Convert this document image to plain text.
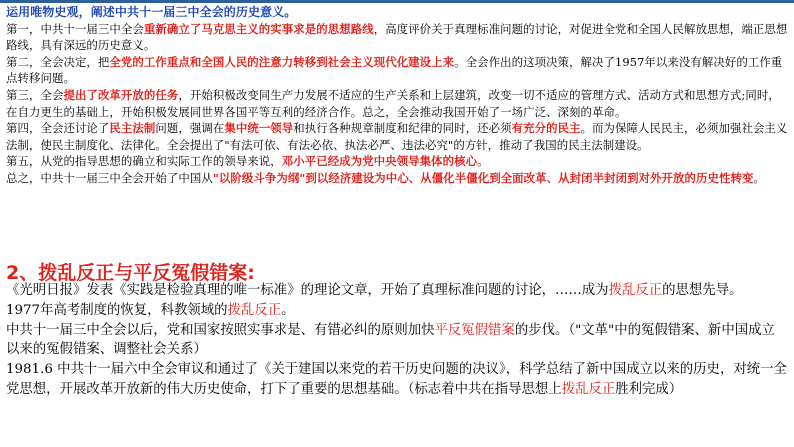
运用唯物史观，阐述中共十一届三中全会的历史意义。

第一，中共十一届三中全会重新确立了马克思主义的实事求是的思想路线，高度评价关于真理标准问题的讨论，对促进全党和全国人民解放思想，端正思想路线，具有深远的历史意义。

第二，全会决定，把全党的工作重点和全国人民的注意力转移到社会主义现代化建设上来。全会作出的这项决策，解决了1957年以来没有解决好的工作重点转移问题。

第三，全会提出了改革开放的任务，开始积极改变同生产力发展不适应的生产关系和上层建筑，改变一切不适应的管理方式、活动方式和思想方式;同时，在自力更生的基础上，开始积极发展同世界各国平等互利的经济合作。总之，全会推动我国开始了一场广泛、深刻的革命。

第四，全会还讨论了民主法制问题，强调在集中统一领导和执行各种规章制度和纪律的同时，还必须有充分的民主。而为保障人民民主，必须加强社会主义法制，使民主制度化、法律化。全会提出了"有法可依、有法必依、执法必严、违法必究"的方针，推动了我国的民主法制建设。

第五，从党的指导思想的确立和实际工作的领导来说，邓小平已经成为党中央领导集体的核心。

总之，中共十一届三中全会开始了中国从"以阶级斗争为纲"到以经济建设为中心、从僵化半僵化到全面改革、从封闭半封闭到对外开放的历史性转变。

2、拨乱反正与平反冤假错案:

《光明日报》发表《实践是检验真理的唯一标准》的理论文章，开始了真理标准问题的讨论，……成为拨乱反正的思想先导。

1977年高考制度的恢复，科教领域的拨乱反正。

中共十一届三中全会以后，党和国家按照实事求是、有错必纠的原则加快平反冤假错案的步伐。（"文革"中的冤假错案、新中国成立以来的冤假错案、调整社会关系）

1981.6 中共十一届六中全会审议和通过了《关于建国以来党的若干历史问题的决议》，科学总结了新中国成立以来的历史，对统一全党思想，开展改革开放新的伟大历史使命，打下了重要的思想基础。（标志着中共在指导思想上拨乱反正胜利完成）
